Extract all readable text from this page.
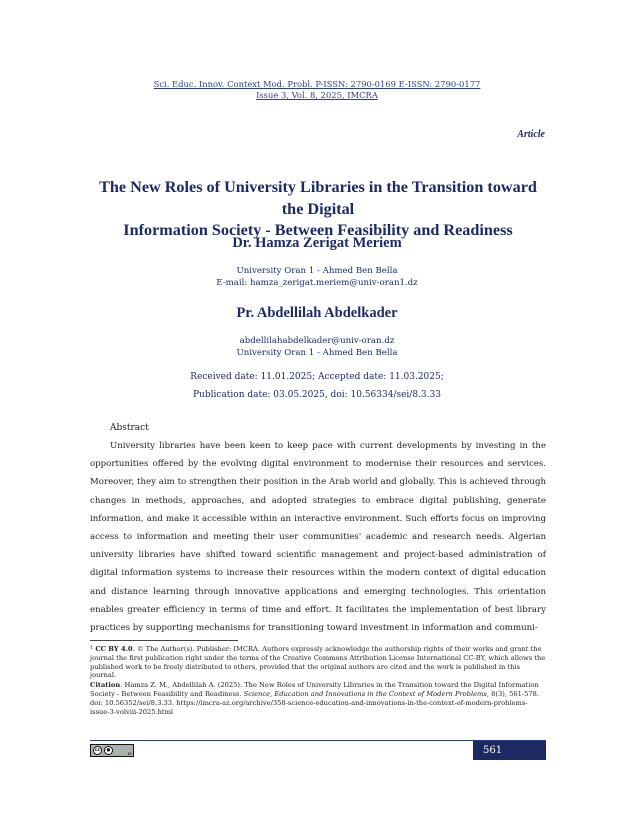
Sci. Educ. Innov. Context Mod. Probl. P-ISSN: 2790-0169 E-ISSN: 2790-0177
Issue 3, Vol. 8, 2025, IMCRA
Article
The New Roles of University Libraries in the Transition toward the Digital
Information Society - Between Feasibility and Readiness
Dr. Hamza Zerigat Meriem
University Oran 1 - Ahmed Ben Bella
E-mail: hamza_zerigat.meriem@univ-oran1.dz
Pr. Abdellilah Abdelkader
abdellilahabdelkader@univ-oran.dz
University Oran 1 - Ahmed Ben Bella
Received date: 11.01.2025; Accepted date: 11.03.2025;
Publication date: 03.05.2025, doi: 10.56334/sei/8.3.33
Abstract

University libraries have been keen to keep pace with current developments by investing in the opportunities offered by the evolving digital environment to modernise their resources and services. Moreover, they aim to strengthen their position in the Arab world and globally. This is achieved through changes in methods, approaches, and adopted strategies to embrace digital publishing, generate information, and make it accessible within an interactive environment. Such efforts focus on improving access to information and meeting their user communities' academic and research needs. Algerian university libraries have shifted toward scientific management and project-based administration of digital information systems to increase their resources within the modern context of digital education and distance learning through innovative applications and emerging technologies. This orientation enables greater efficiency in terms of time and effort. It facilitates the implementation of best library practices by supporting mechanisms for transitioning toward investment in information and communi-

$^1$ CC BY 4.0. © The Author(s). Publisher: IMCRA. Authors expressly acknowledge the authorship rights of their works and grant the journal the first publication right under the terms of the Creative Commons Attribution License International CC-BY, which allows the published work to be freely distributed to others, provided that the original authors are cited and the work is published in this journal.
Citation. Hamza Z. M., Abdellilah A. (2025). The New Roles of University Libraries in the Transition toward the Digital Information Society - Between Feasibility and Readiness. Science, Education and Innovations in the Context of Modern Problems, 8(3), 561-578. doi: 10.56352/sei/8.3.33. https://imcra-az.org/archive/358-science-education-and-innovations-in-the-context-of-modern-problems-issue-3-volviii-2025.html
cc	●
BY	561
